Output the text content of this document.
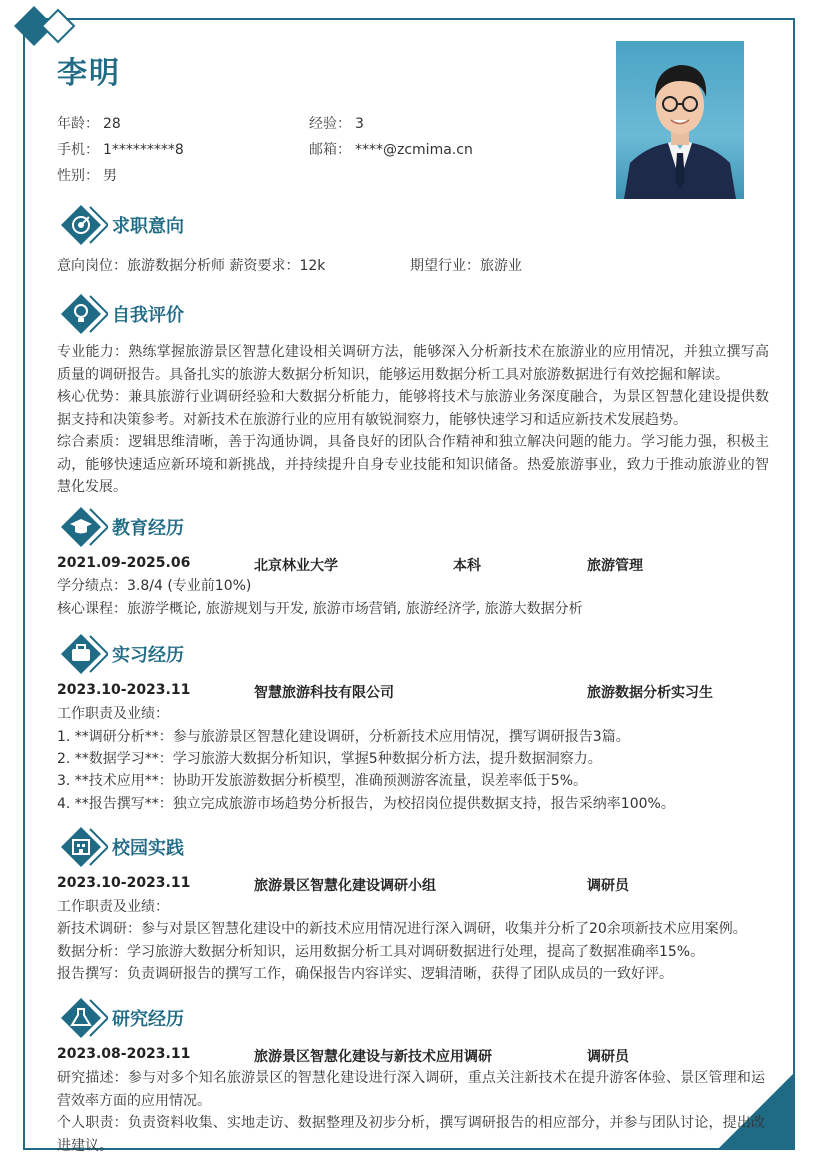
李明
年龄： 28	经验： 3
手机： 1*********8	邮箱： ****@zcmima.cn
性别： 男
求职意向
意向岗位：旅游数据分析师 薪资要求：12k	期望行业：旅游业
自我评价
专业能力：熟练掌握旅游景区智慧化建设相关调研方法，能够深入分析新技术在旅游业的应用情况，并独立撰写高质量的调研报告。具备扎实的旅游大数据分析知识，能够运用数据分析工具对旅游数据进行有效挖掘和解读。
核心优势：兼具旅游行业调研经验和大数据分析能力，能够将技术与旅游业务深度融合，为景区智慧化建设提供数据支持和决策参考。对新技术在旅游行业的应用有敏锐洞察力，能够快速学习和适应新技术发展趋势。
综合素质：逻辑思维清晰，善于沟通协调，具备良好的团队合作精神和独立解决问题的能力。学习能力强，积极主动，能够快速适应新环境和新挑战，并持续提升自身专业技能和知识储备。热爱旅游事业，致力于推动旅游业的智慧化发展。
教育经历
2021.09-2025.06	北京林业大学	本科	旅游管理
学分绩点：3.8/4 (专业前10%)
核心课程：旅游学概论, 旅游规划与开发, 旅游市场营销, 旅游经济学, 旅游大数据分析
实习经历
2023.10-2023.11	智慧旅游科技有限公司	旅游数据分析实习生
工作职责及业绩：
1. **调研分析**：参与旅游景区智慧化建设调研，分析新技术应用情况，撰写调研报告3篇。
2. **数据学习**：学习旅游大数据分析知识，掌握5种数据分析方法，提升数据洞察力。
3. **技术应用**：协助开发旅游数据分析模型，准确预测游客流量，误差率低于5%。
4. **报告撰写**：独立完成旅游市场趋势分析报告，为校招岗位提供数据支持，报告采纳率100%。
校园实践
2023.10-2023.11	旅游景区智慧化建设调研小组	调研员
工作职责及业绩：
新技术调研：参与对景区智慧化建设中的新技术应用情况进行深入调研，收集并分析了20余项新技术应用案例。
数据分析：学习旅游大数据分析知识，运用数据分析工具对调研数据进行处理，提高了数据准确率15%。
报告撰写：负责调研报告的撰写工作，确保报告内容详实、逻辑清晰，获得了团队成员的一致好评。
研究经历
2023.08-2023.11	旅游景区智慧化建设与新技术应用调研	调研员
研究描述：参与对多个知名旅游景区的智慧化建设进行深入调研，重点关注新技术在提升游客体验、景区管理和运营效率方面的应用情况。
个人职责：负责资料收集、实地走访、数据整理及初步分析，撰写调研报告的相应部分，并参与团队讨论，提出改进建议。
